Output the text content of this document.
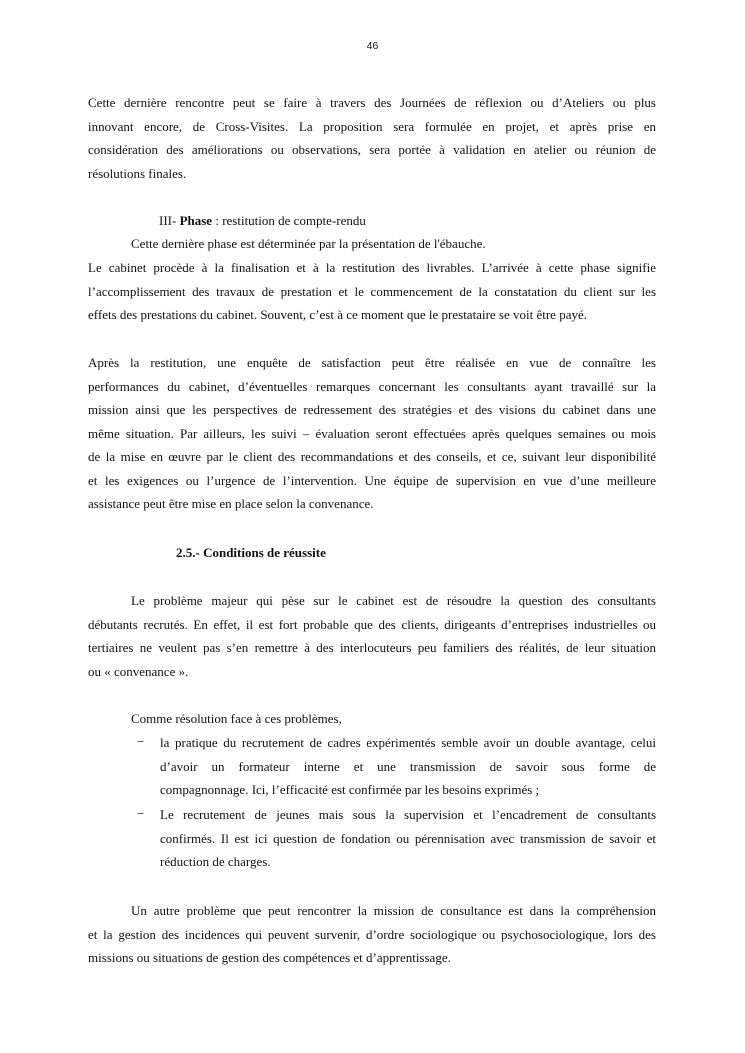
46
Cette dernière rencontre peut se faire à travers des Journées de réflexion ou d’Ateliers ou plus
innovant encore, de Cross-Visites. La proposition sera formulée en projet, et après prise en
considération des améliorations ou observations, sera portée à validation en atelier ou réunion de
résolutions finales.
III- Phase : restitution de compte-rendu
Cette dernière phase est déterminée par la présentation de l'ébauche.
Le cabinet procède à la finalisation et à la restitution des livrables. L’arrivée à cette phase signifie
l’accomplissement des travaux de prestation et le commencement de la constatation du client sur les
effets des prestations du cabinet. Souvent, c’est à ce moment que le prestataire se voit être payé.
Après la restitution, une enquête de satisfaction peut être réalisée en vue de connaître les
performances du cabinet, d’éventuelles remarques concernant les consultants ayant travaillé sur la
mission ainsi que les perspectives de redressement des stratégies et des visions du cabinet dans une
même situation. Par ailleurs, les suivi – évaluation seront effectuées après quelques semaines ou mois
de la mise en œuvre par le client des recommandations et des conseils, et ce, suivant leur disponibilité
et les exigences ou l’urgence de l’intervention. Une équipe de supervision en vue d’une meilleure
assistance peut être mise en place selon la convenance.
2.5.- Conditions de réussite
Le problème majeur qui pèse sur le cabinet est de résoudre la question des consultants
débutants recrutés. En effet, il est fort probable que des clients, dirigeants d’entreprises industrielles ou
tertiaires ne veulent pas s’en remettre à des interlocuteurs peu familiers des réalités, de leur situation
ou « convenance ».
Comme résolution face à ces problèmes,
− la pratique du recrutement de cadres expérimentés semble avoir un double avantage, celui
d’avoir un formateur interne et une transmission de savoir sous forme de
compagnonnage. Ici, l’efficacité est confirmée par les besoins exprimés ;
− Le recrutement de jeunes mais sous la supervision et l’encadrement de consultants
confirmés. Il est ici question de fondation ou pérennisation avec transmission de savoir et
réduction de charges.
Un autre problème que peut rencontrer la mission de consultance est dans la compréhension
et la gestion des incidences qui peuvent survenir, d’ordre sociologique ou psychosociologique, lors des
missions ou situations de gestion des compétences et d’apprentissage.
